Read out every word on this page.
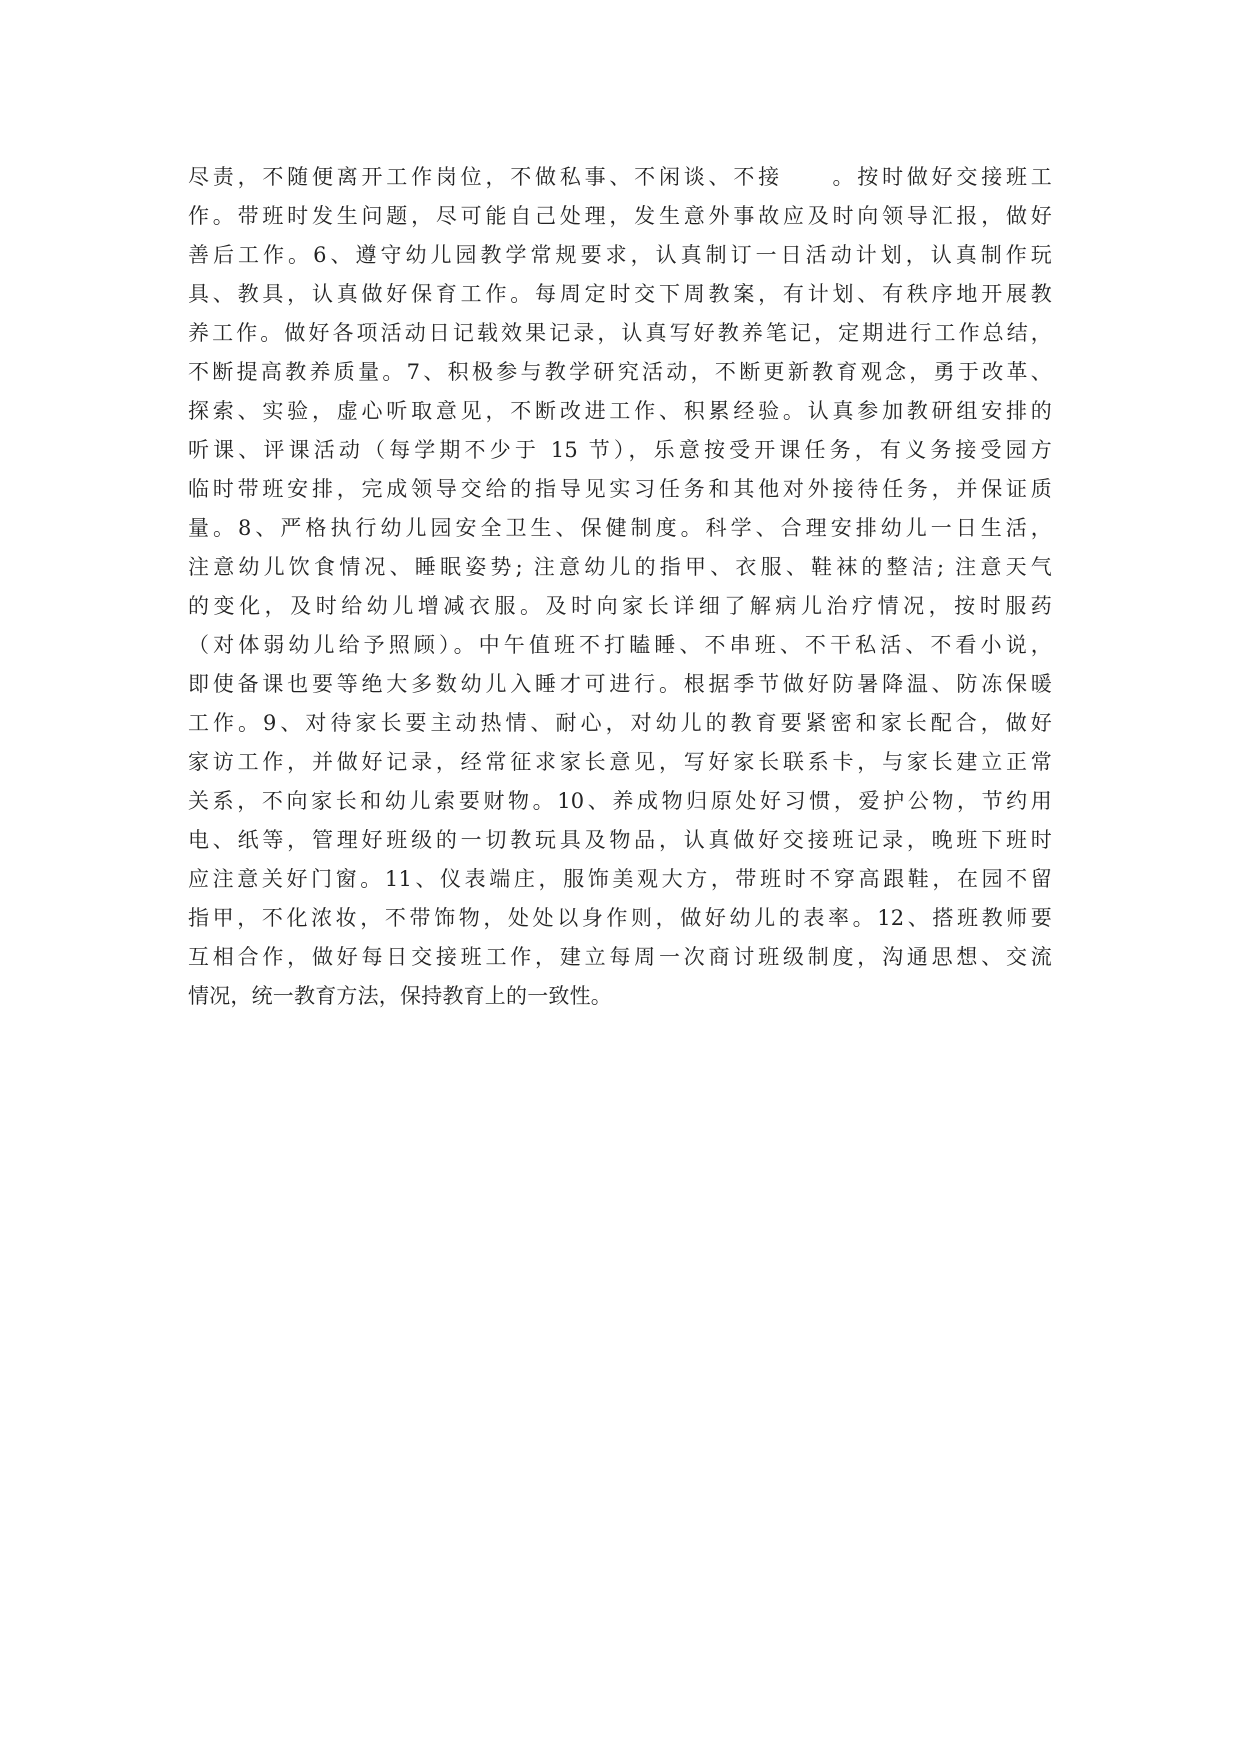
尽责，不随便离开工作岗位，不做私事、不闲谈、不接　　。按时做好交接班工
作。带班时发生问题，尽可能自己处理，发生意外事故应及时向领导汇报，做好
善后工作。6、遵守幼儿园教学常规要求，认真制订一日活动计划，认真制作玩
具、教具，认真做好保育工作。每周定时交下周教案，有计划、有秩序地开展教
养工作。做好各项活动日记载效果记录，认真写好教养笔记，定期进行工作总结，
不断提高教养质量。7、积极参与教学研究活动，不断更新教育观念，勇于改革、
探索、实验，虚心听取意见，不断改进工作、积累经验。认真参加教研组安排的
听课、评课活动（每学期不少于 15 节），乐意按受开课任务，有义务接受园方
临时带班安排，完成领导交给的指导见实习任务和其他对外接待任务，并保证质
量。8、严格执行幼儿园安全卫生、保健制度。科学、合理安排幼儿一日生活，
注意幼儿饮食情况、睡眠姿势; 注意幼儿的指甲、衣服、鞋袜的整洁; 注意天气
的变化，及时给幼儿增减衣服。及时向家长详细了解病儿治疗情况，按时服药
（对体弱幼儿给予照顾）。中午值班不打瞌睡、不串班、不干私活、不看小说，
即使备课也要等绝大多数幼儿入睡才可进行。根据季节做好防暑降温、防冻保暖
工作。9、对待家长要主动热情、耐心，对幼儿的教育要紧密和家长配合，做好
家访工作，并做好记录，经常征求家长意见，写好家长联系卡，与家长建立正常
关系，不向家长和幼儿索要财物。10、养成物归原处好习惯，爱护公物，节约用
电、纸等，管理好班级的一切教玩具及物品，认真做好交接班记录，晚班下班时
应注意关好门窗。11、仪表端庄，服饰美观大方，带班时不穿高跟鞋，在园不留
指甲，不化浓妆，不带饰物，处处以身作则，做好幼儿的表率。12、搭班教师要
互相合作，做好每日交接班工作，建立每周一次商讨班级制度，沟通思想、交流
情况，统一教育方法，保持教育上的一致性。
